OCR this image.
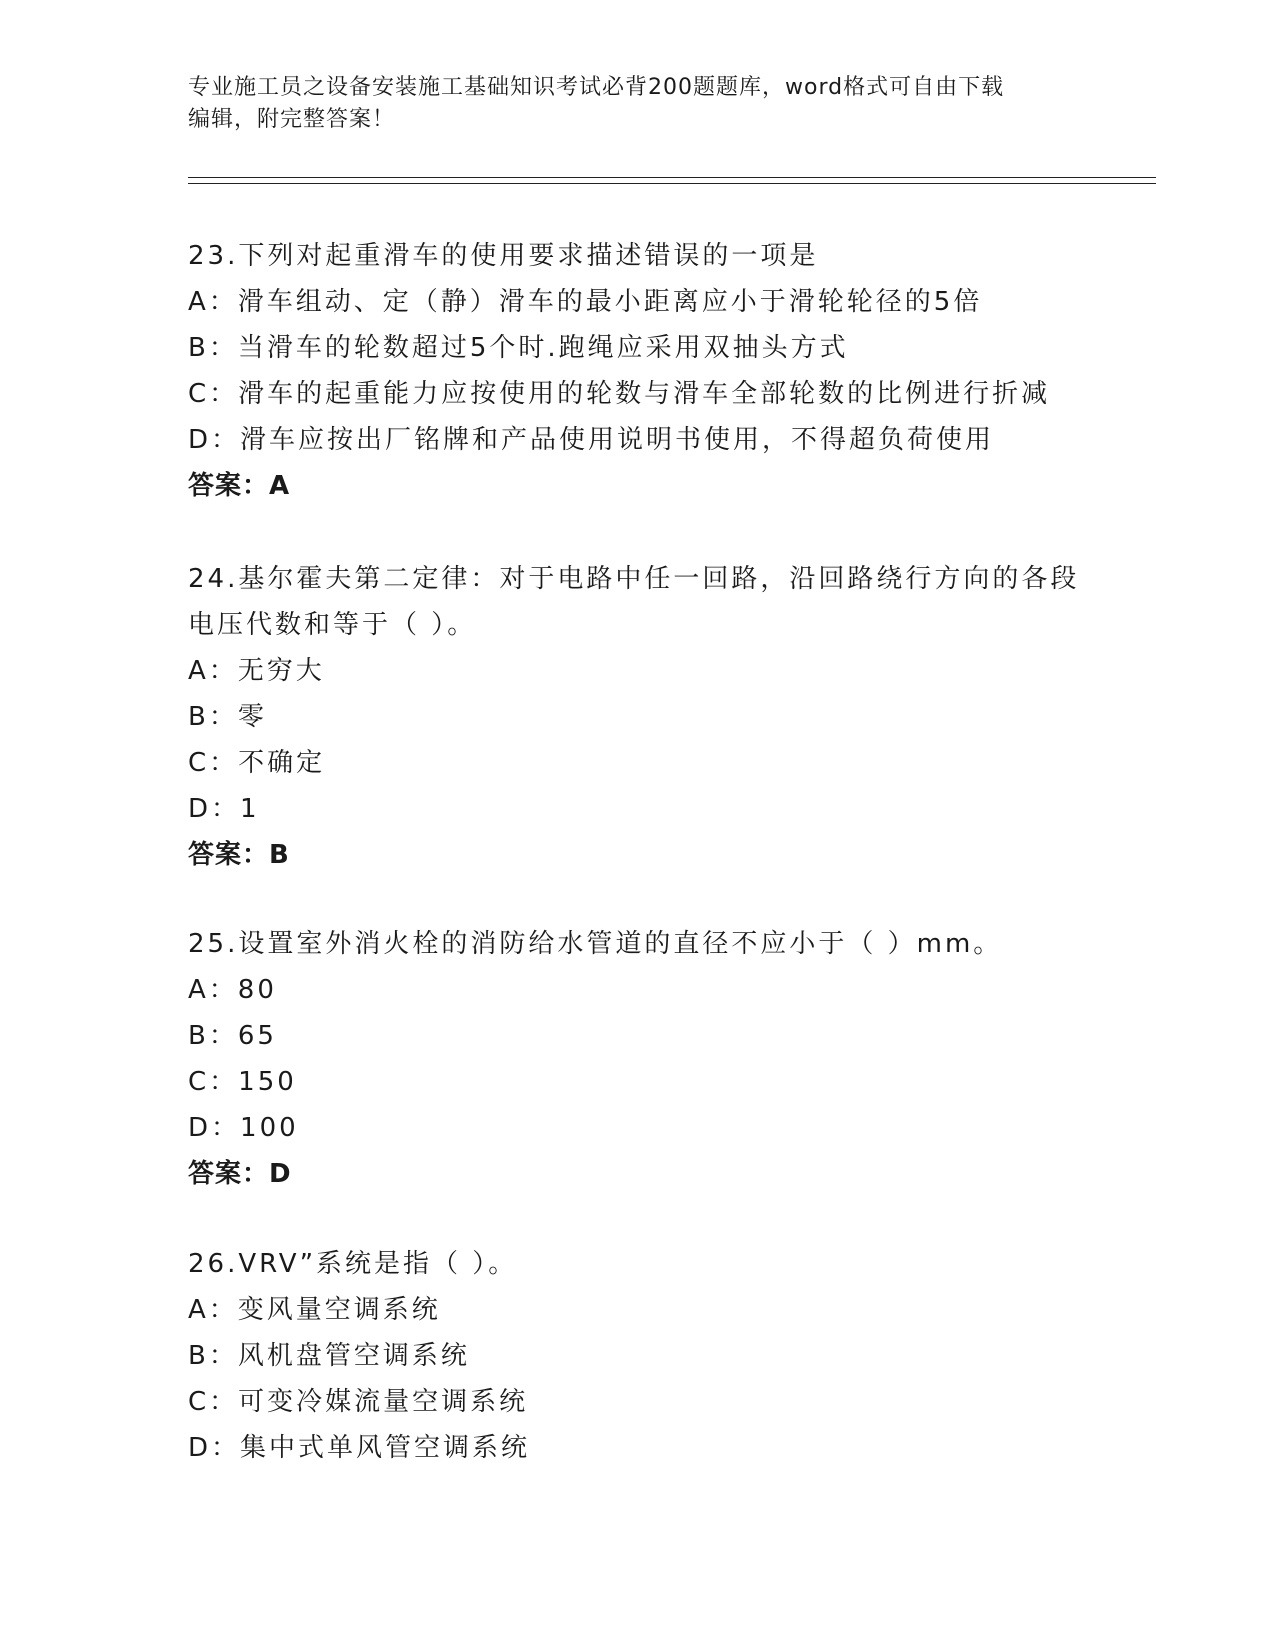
专业施工员之设备安装施工基础知识考试必背200题题库，word格式可自由下载
编辑，附完整答案！
23.下列对起重滑车的使用要求描述错误的一项是
A：滑车组动、定（静）滑车的最小距离应小于滑轮轮径的5倍
B：当滑车的轮数超过5个时.跑绳应采用双抽头方式
C：滑车的起重能力应按使用的轮数与滑车全部轮数的比例进行折减
D：滑车应按出厂铭牌和产品使用说明书使用，不得超负荷使用
答案：A
24.基尔霍夫第二定律：对于电路中任一回路，沿回路绕行方向的各段
电压代数和等于（ ）。
A：无穷大
B：零
C：不确定
D：1
答案：B
25.设置室外消火栓的消防给水管道的直径不应小于（ ）mm。
A：80
B：65
C：150
D：100
答案：D
26.VRV”系统是指（ ）。
A：变风量空调系统
B：风机盘管空调系统
C：可变冷媒流量空调系统
D：集中式单风管空调系统
